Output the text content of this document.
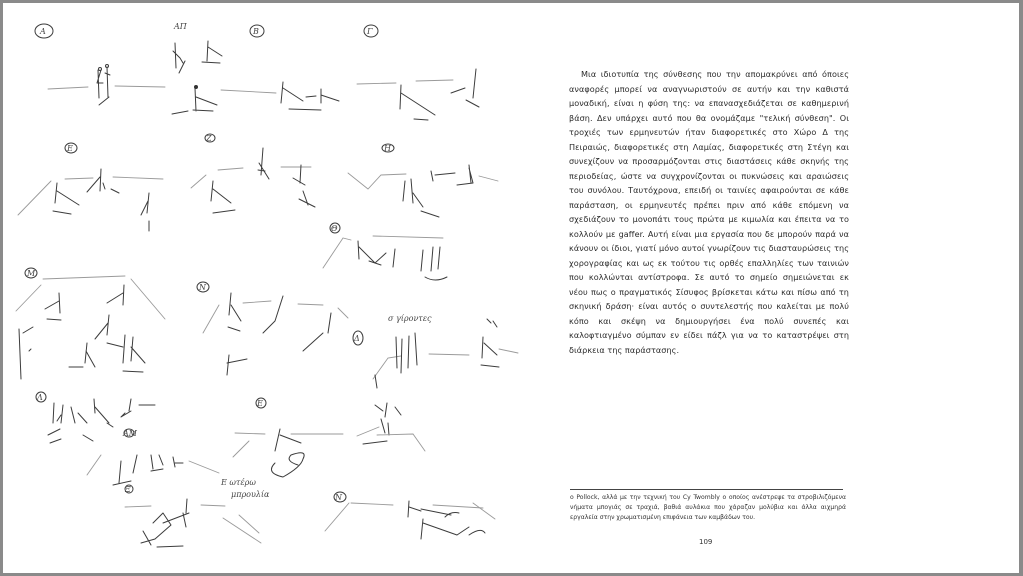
A
ΑΠ
B	Γ
E
Z
H
Θ
M
N
Δ
σ γίροντες
Λ
AM
Ξ
E
Ε ωτέρω
μπρουλία	N

Μια ιδιοτυπία της σύνθεσης που την απομακρύνει από όποιες αναφορές μπορεί να αναγνωριστούν σε αυτήν και την καθιστά μοναδική, είναι η φύση της: να επανασχεδιάζεται σε καθημερινή βάση. Δεν υπάρχει αυτό που θα ονομάζαμε "τελική σύνθεση". Οι τροχιές των ερμηνευτών ήταν διαφορετικές στο Χώρο Δ της Πειραιώς, διαφορετικές στη Λαμίας, διαφορετικές στη Στέγη και συνεχίζουν να προσαρμόζονται στις διαστάσεις κάθε σκηνής της περιοδείας, ώστε να συγχρονίζονται οι πυκνώσεις και αραιώσεις του συνόλου. Ταυτόχρονα, επειδή οι ταινίες αφαιρούνται σε κάθε παράσταση, οι ερμηνευτές πρέπει πριν από κάθε επόμενη να σχεδιάζουν το μονοπάτι τους πρώτα με κιμωλία και έπειτα να το κολλούν με gaffer. Αυτή είναι μια εργασία που δε μπορούν παρά να κάνουν οι ίδιοι, γιατί μόνο αυτοί γνωρίζουν τις διασταυρώσεις της χορογραφίας και ως εκ τούτου τις ορθές επαλληλίες των ταινιών που κολλώνται αντίστροφα. Σε αυτό το σημείο σημειώνεται εκ νέου πως ο πραγματικός Σίσυφος βρίσκεται κάτω και πίσω από τη σκηνική δράση· είναι αυτός ο συντελεστής που καλείται με πολύ κόπο και σκέψη να δημιουργήσει ένα πολύ συνεπές και καλοφτιαγμένο σύμπαν εν είδει πάζλ για να το καταστρέψει στη διάρκεια της παράστασης.

ο Pollock, αλλά με την τεχνική του Cy Twombly ο οποίος ανέστρεψε τα στροβιλιζόμενα νήματα μπογιάς σε τραχιά, βαθιά αυλάκια που χάραζαν μολύβια και άλλα αιχμηρά εργαλεία στην χρωματισμένη επιφάνεια των καμβάδων του.
109
